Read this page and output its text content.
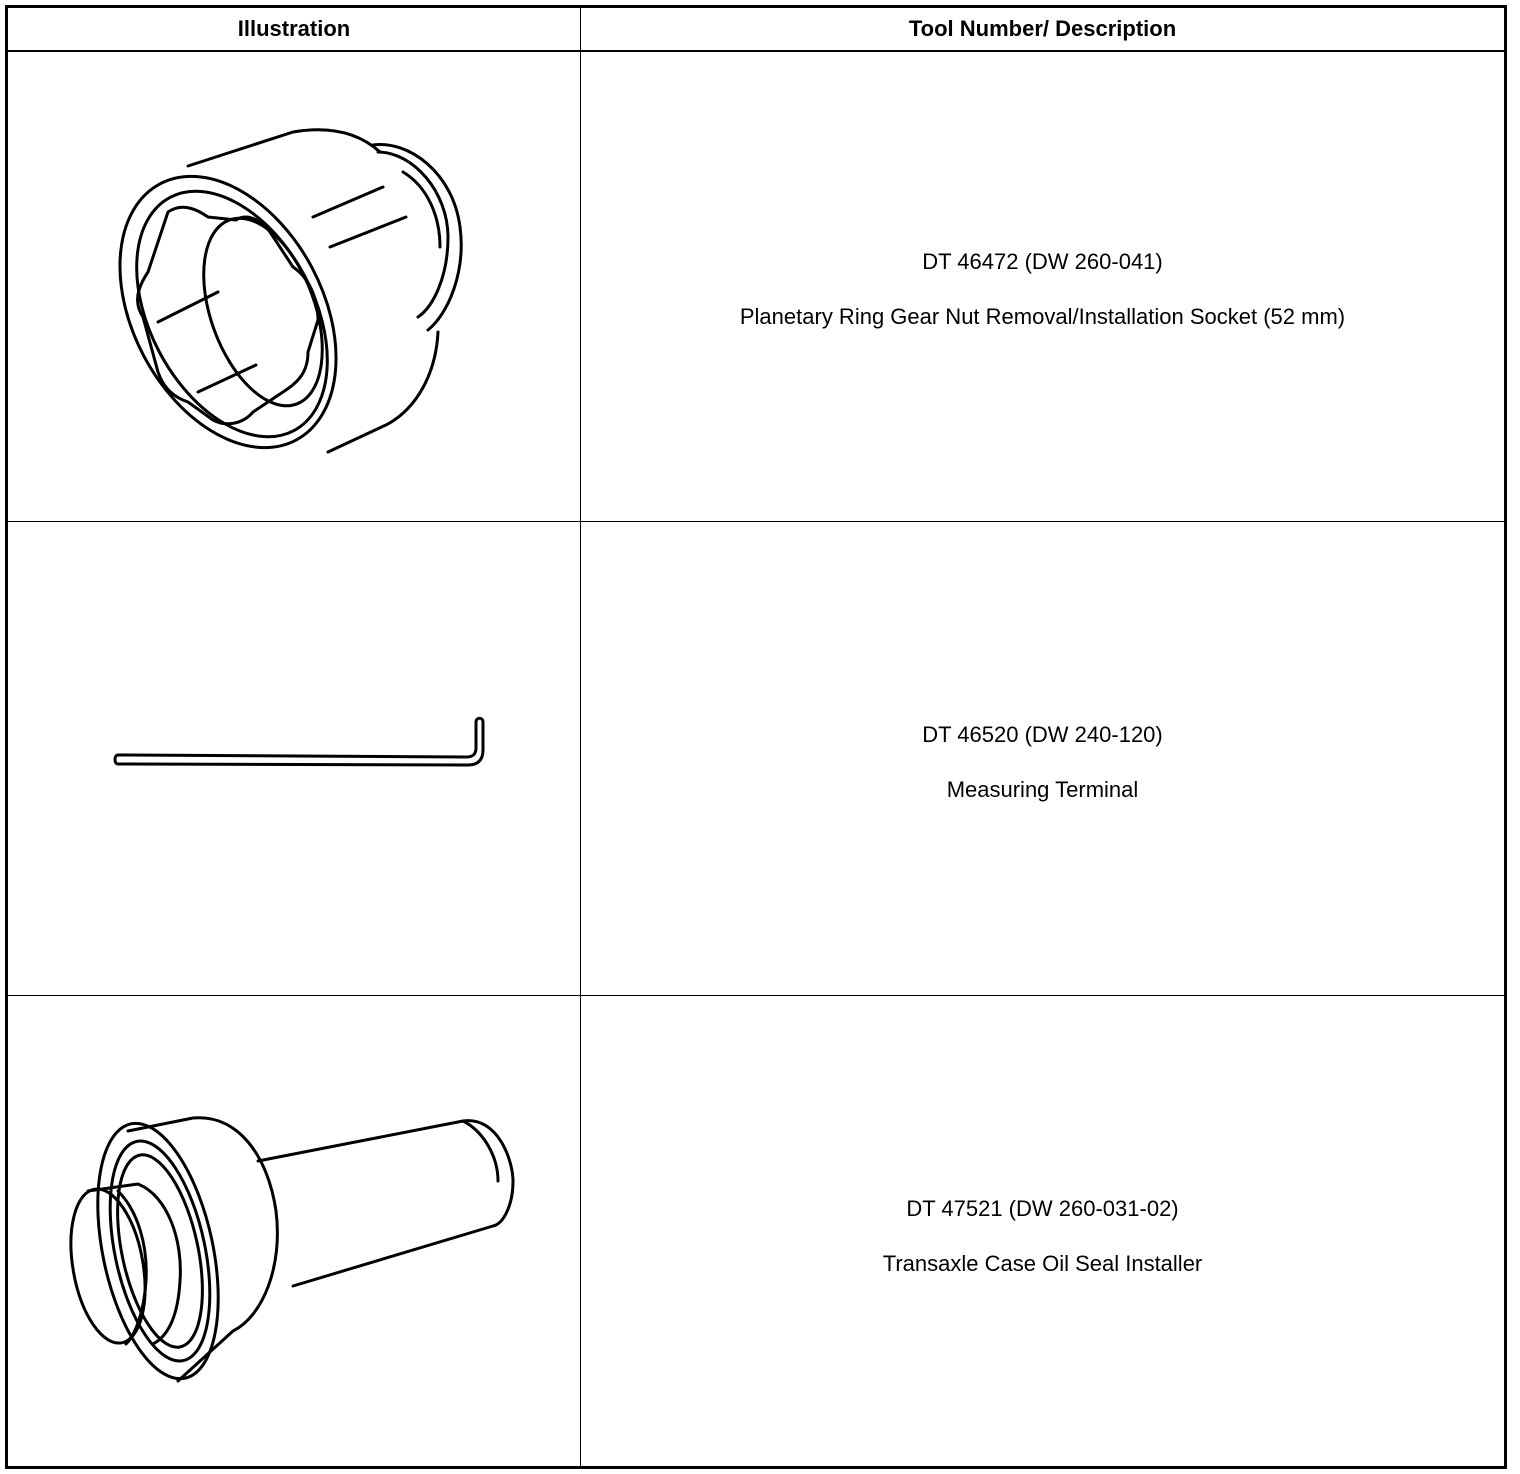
Illustration	Tool Number/ Description
DT 46472 (DW 260-041)
Planetary Ring Gear Nut Removal/Installation Socket (52 mm)
DT 46520 (DW 240-120)
Measuring Terminal
DT 47521 (DW 260-031-02)
Transaxle Case Oil Seal Installer
